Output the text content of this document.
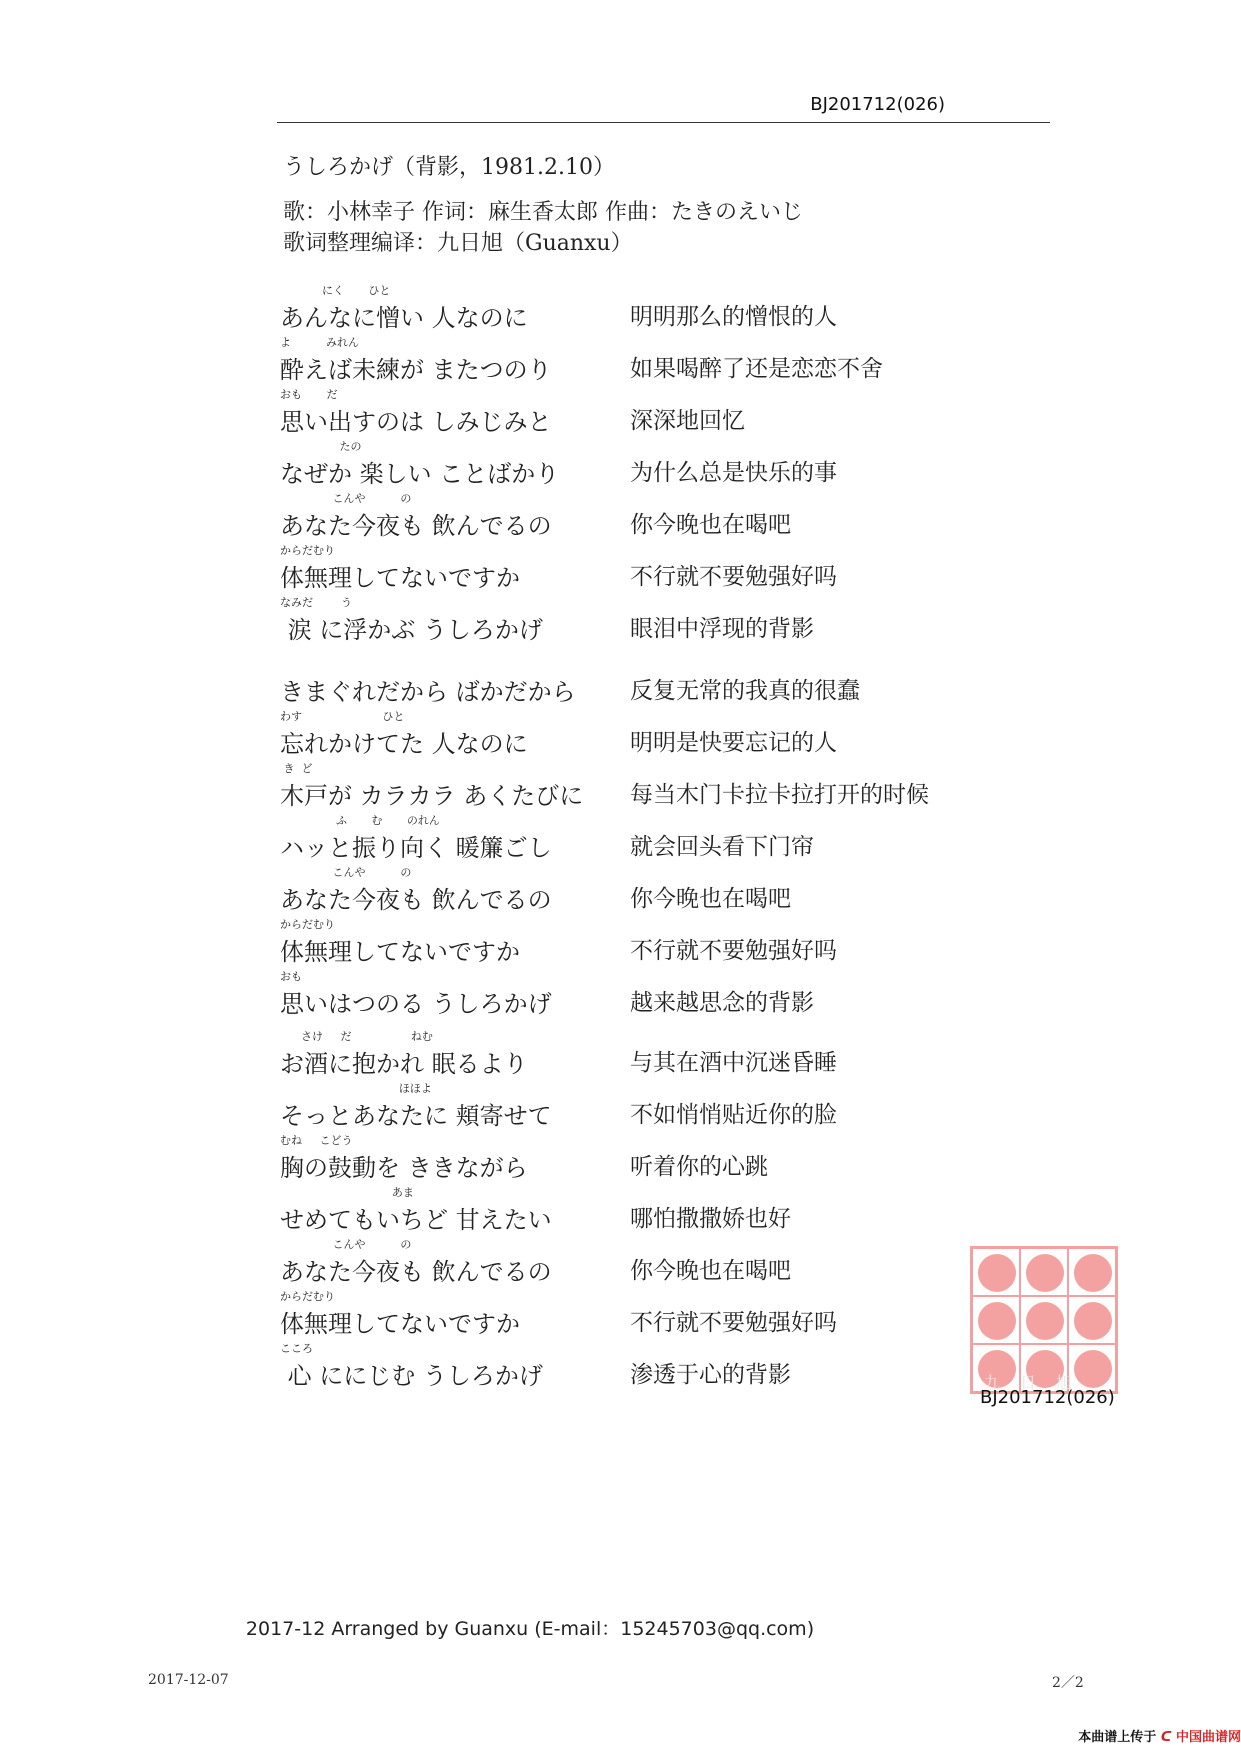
BJ201712(026)
うしろかげ（背影，1981.2.10）
歌：小林幸子 作词：麻生香太郎 作曲：たきのえいじ
歌词整理编译：九日旭（Guanxu）
にく       ひと
あんなに憎い 人なのに	明明那么的憎恨的人
よ          みれん
酔えば未練が またつのり	如果喝醉了还是恋恋不舍
おも       だ
思い出すのは しみじみと	深深地回忆
たの
なぜか 楽しい ことばかり	为什么总是快乐的事
こんや          の
あなた今夜も 飲んでるの	你今晚也在喝吧
からだむり
体無理してないですか	不行就不要勉强好吗
なみだ        う
涙 に浮かぶ うしろかげ	眼泪中浮现的背影
きまぐれだから ばかだから 反复无常的我真的很蠢
わす                       ひと
忘れかけてた 人なのに	明明是快要忘记的人
き  ど
木戸が カラカラ あくたびに 每当木门卡拉卡拉打开的时候
ふ       む       のれん
ハッと振り向く 暖簾ごし	就会回头看下门帘
こんや          の
あなた今夜も 飲んでるの	你今晚也在喝吧
からだむり
体無理してないですか	不行就不要勉强好吗
おも
思いはつのる うしろかげ	越来越思念的背影
さけ     だ                 ねむ
お酒に抱かれ 眠るより	与其在酒中沉迷昏睡
ほほよ
そっとあなたに 頬寄せて	不如悄悄贴近你的脸
むね     こどう
胸の鼓動を ききながら	听着你的心跳
あま
せめてもいちど 甘えたい	哪怕撒撒娇也好
こんや          の
あなた今夜も 飲んでるの	你今晚也在喝吧
からだむり
体無理してないですか	不行就不要勉强好吗
こころ
心 ににじむ うしろかげ	渗透于心的背影	九日旭
BJ201712(026)
2017-12 Arranged by Guanxu (E-mail：15245703@qq.com)
2017-12-07	2／2
本曲谱上传于 ᑕ 中国曲谱网
